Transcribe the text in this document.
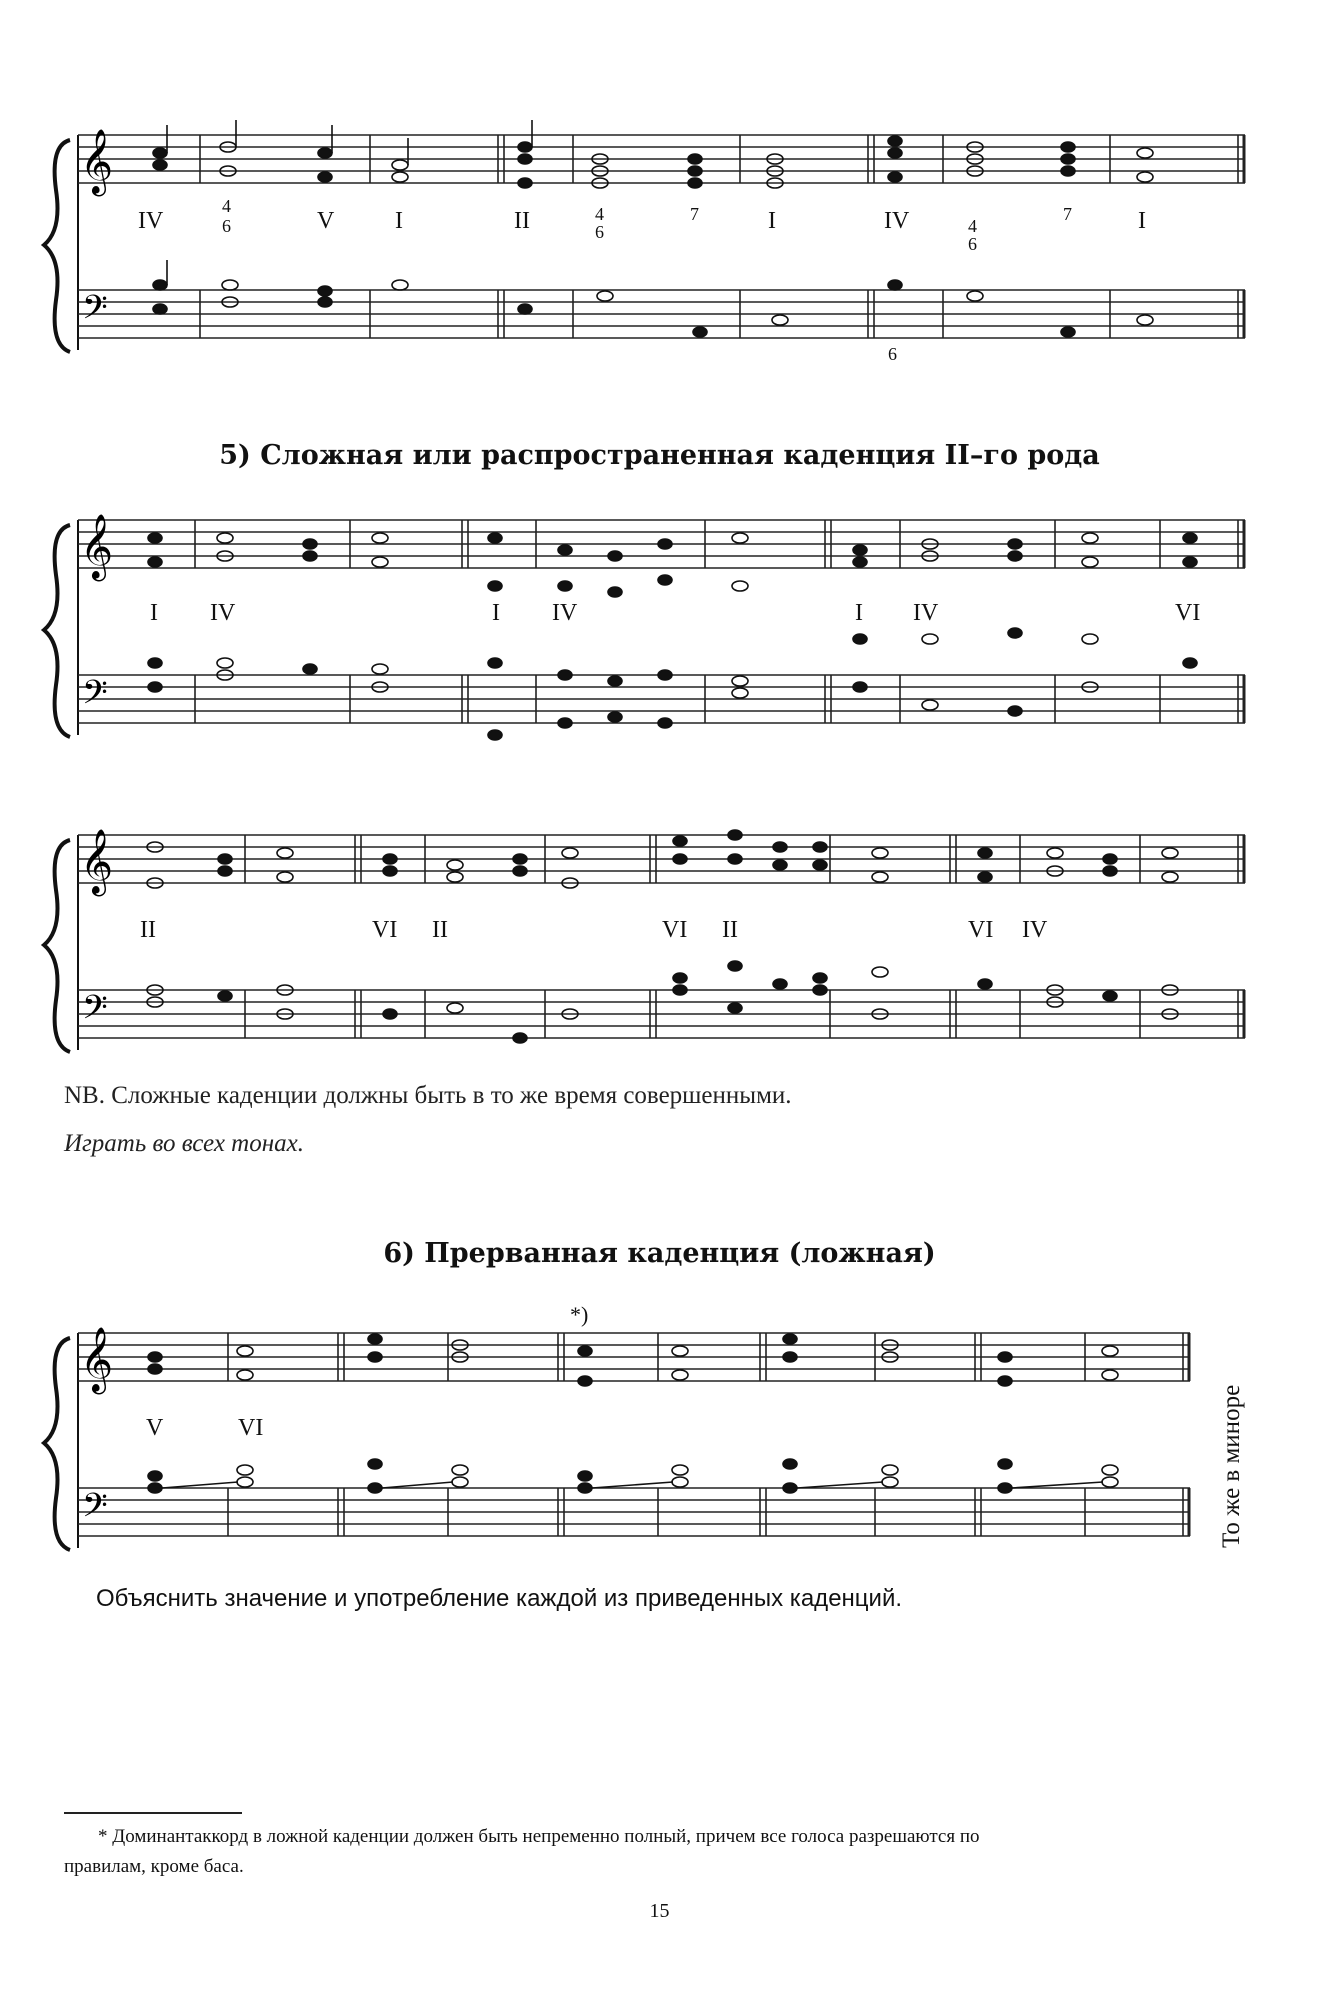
𝄞
𝄢
IV
4
6	V	I	II	4
6
7	I	IV	4
6
7	I
6
5) Сложная или распространенная каденция II–го рода
𝄞
𝄢
I IV	I IV	I IV	VI
𝄞
𝄢
II	VI II	VI II	VI IV
NB. Сложные каденции должны быть в то же время совершенными.
Играть во всех тонах.
6) Прерванная каденция (ложная)
𝄞
𝄢
*)
V	VI	То же в миноре
Объяснить значение и употребление каждой из приведенных каденций.
* Доминантаккорд в ложной каденции должен быть непременно полный, причем все голоса разрешаются по
правилам, кроме баса.
15
